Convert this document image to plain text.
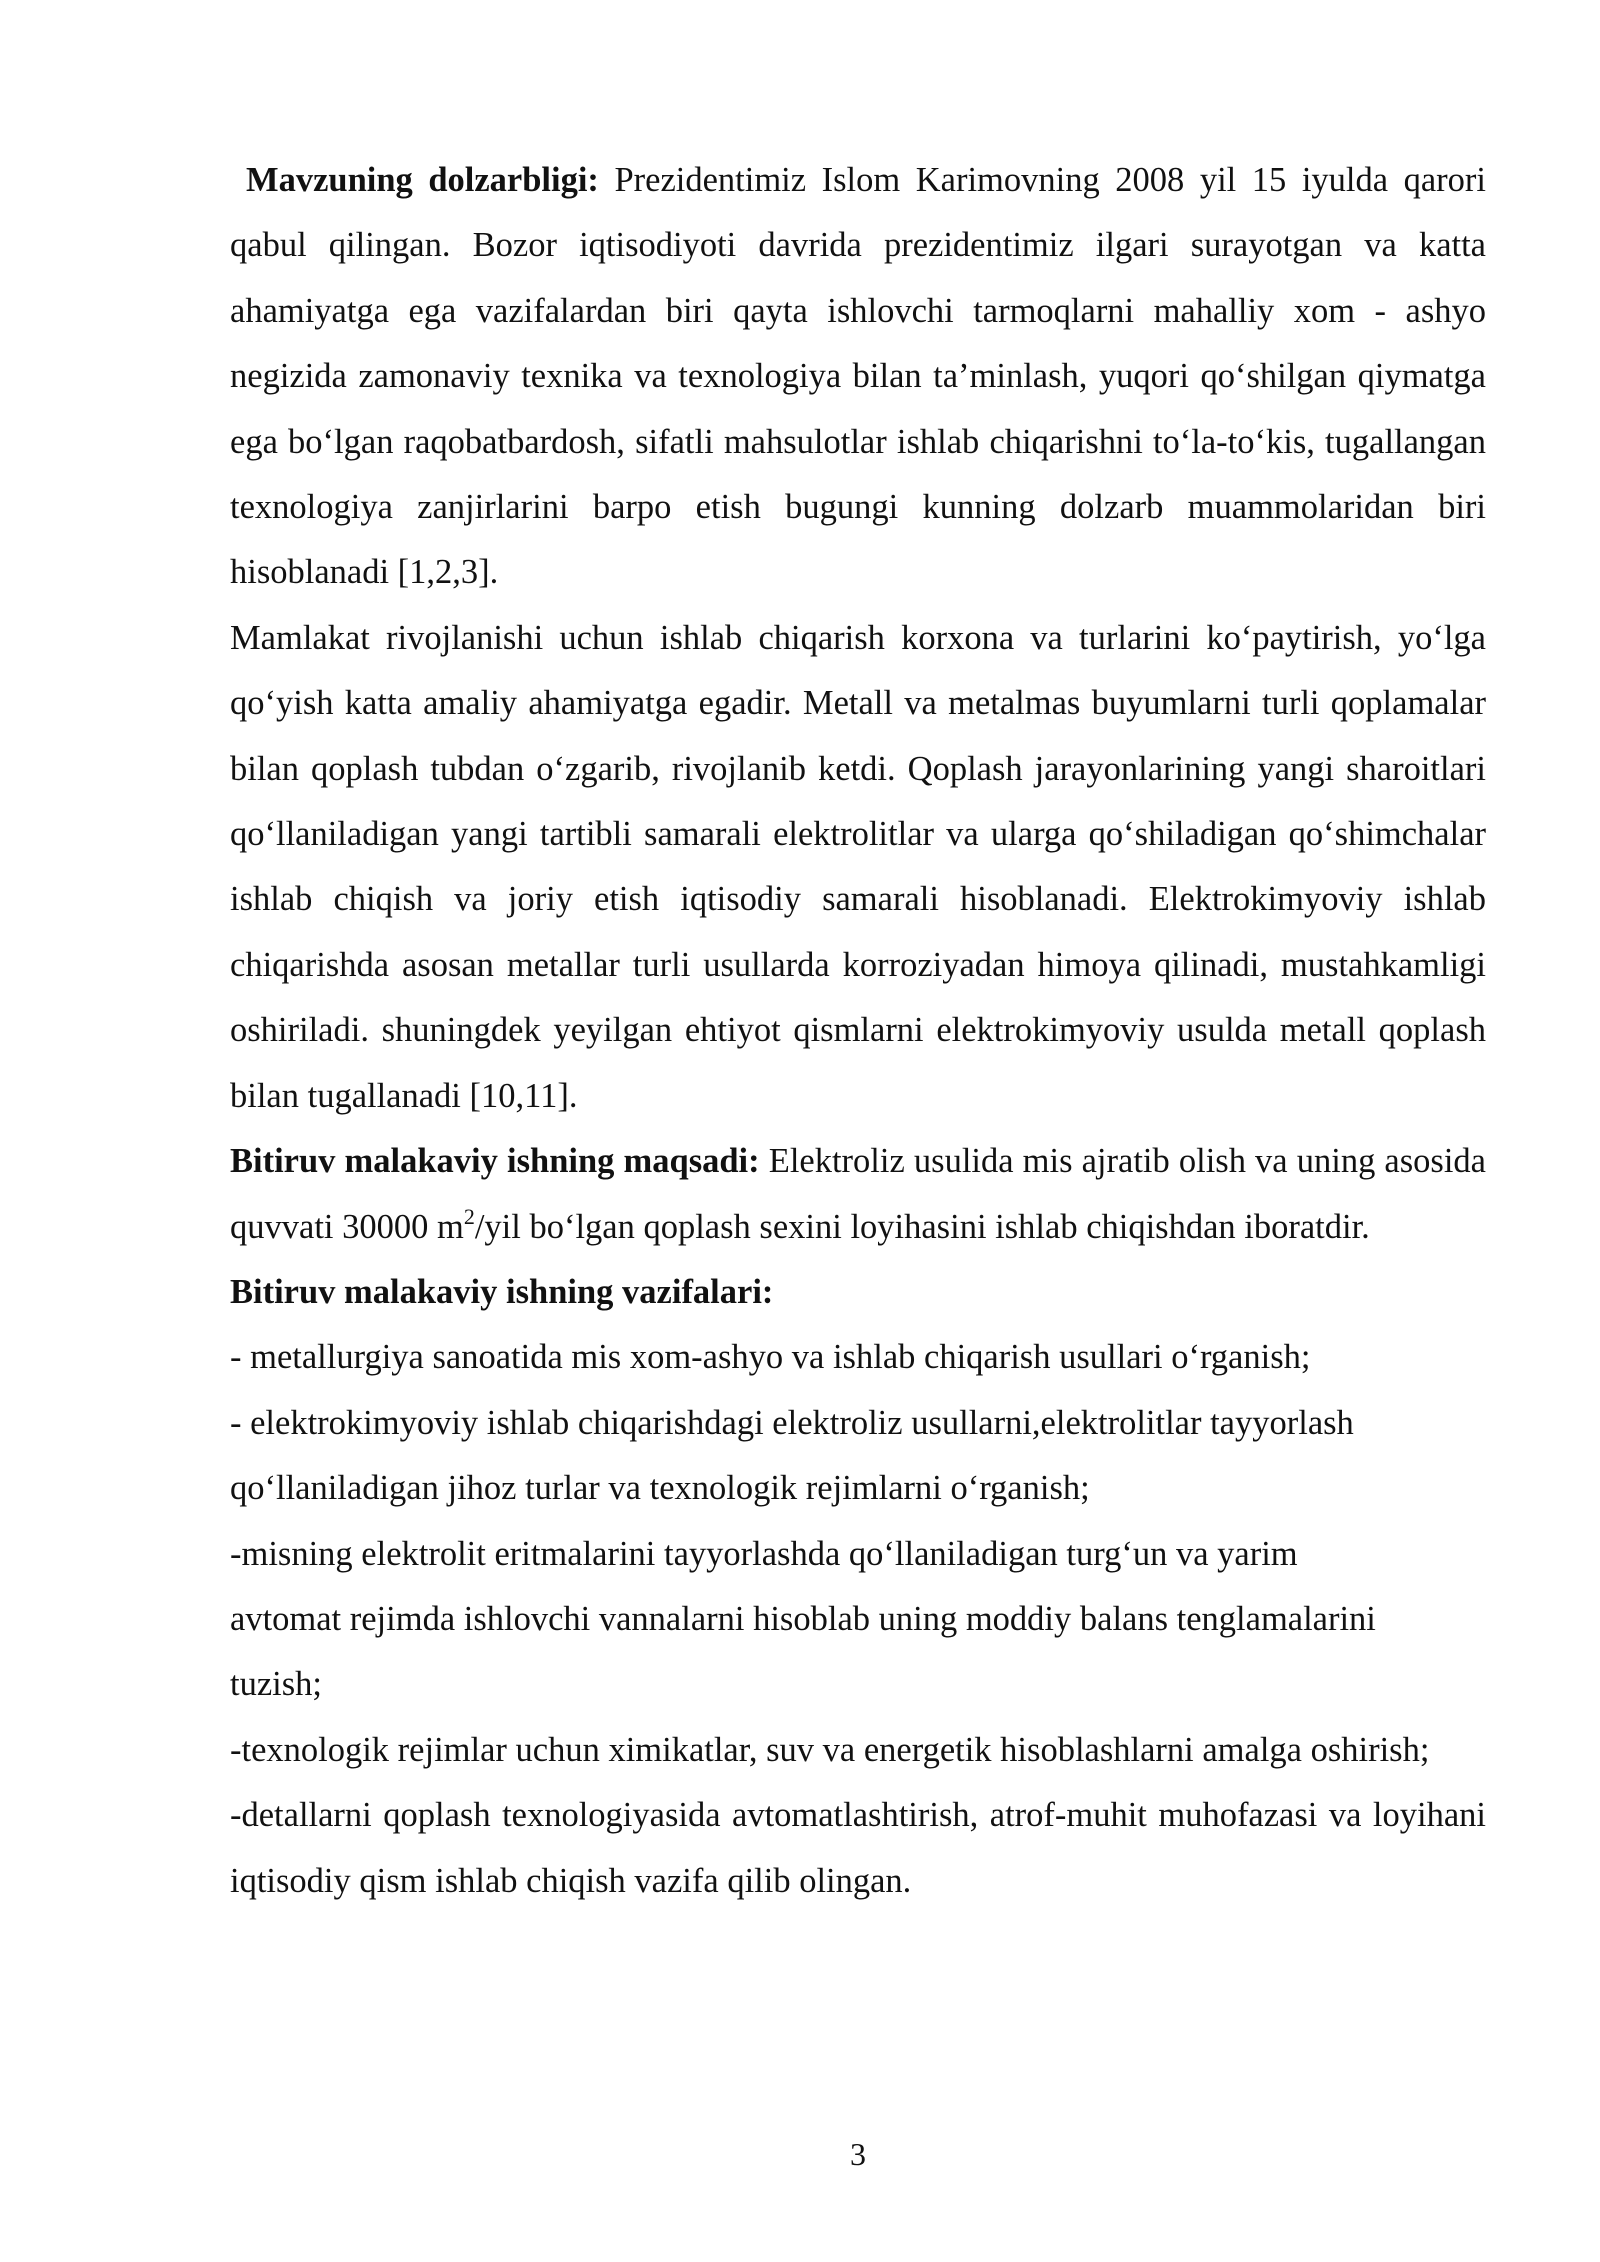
Mavzuning dolzarbligi: Prezidentimiz Islom Karimovning 2008 yil 15 iyulda qarori qabul qilingan. Bozor iqtisodiyoti davrida prezidentimiz ilgari surayotgan va katta ahamiyatga ega vazifalardan biri qayta ishlovchi tarmoqlarni mahalliy xom - ashyo negizida zamonaviy texnika va texnologiya bilan ta’minlash, yuqori qo‘shilgan qiymatga ega bo‘lgan raqobatbardosh, sifatli mahsulotlar ishlab chiqarishni to‘la-to‘kis, tugallangan texnologiya zanjirlarini barpo etish bugungi kunning dolzarb muammolaridan biri hisoblanadi [1,2,3].

Mamlakat rivojlanishi uchun ishlab chiqarish korxona va turlarini ko‘paytirish, yo‘lga qo‘yish katta amaliy ahamiyatga egadir. Metall va metalmas buyumlarni turli qoplamalar bilan qoplash tubdan o‘zgarib, rivojlanib ketdi. Qoplash jarayonlarining yangi sharoitlari qo‘llaniladigan yangi tartibli samarali elektrolitlar va ularga qo‘shiladigan qo‘shimchalar ishlab chiqish va joriy etish iqtisodiy samarali hisoblanadi. Elektrokimyoviy ishlab chiqarishda asosan metallar turli usullarda korroziyadan himoya qilinadi, mustahkamligi oshiriladi. shuningdek yeyilgan ehtiyot qismlarni elektrokimyoviy usulda metall qoplash bilan tugallanadi [10,11].

Bitiruv malakaviy ishning maqsadi: Elektroliz usulida mis ajratib olish va uning asosida quvvati 30000 $m^2$/yil bo‘lgan qoplash sexini loyihasini ishlab chiqishdan iboratdir.

Bitiruv malakaviy ishning vazifalari:

- metallurgiya sanoatida mis xom-ashyo va ishlab chiqarish usullari o‘rganish;

- elektrokimyoviy ishlab chiqarishdagi elektroliz usullarni,elektrolitlar tayyorlash qo‘llaniladigan jihoz turlar va texnologik rejimlarni o‘rganish;

-misning elektrolit eritmalarini tayyorlashda qo‘llaniladigan turg‘un va yarim avtomat rejimda ishlovchi vannalarni hisoblab uning moddiy balans tenglamalarini tuzish;

-texnologik rejimlar uchun ximikatlar, suv va energetik hisoblashlarni amalga oshirish;

-detallarni qoplash texnologiyasida avtomatlashtirish, atrof-muhit muhofazasi va loyihani iqtisodiy qism ishlab chiqish vazifa qilib olingan.

3
